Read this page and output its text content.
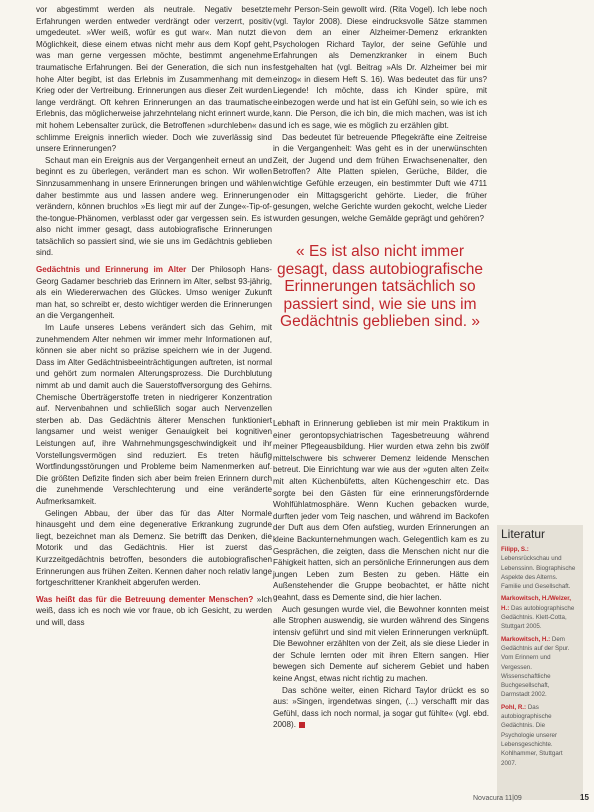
vor abgestimmt werden als neutrale. Negativ besetzte Erfahrungen werden entweder verdrängt oder verzerrt, positiv umgedeutet. »Wer weiß, wofür es gut war«. Man nutzt die Möglichkeit, diese einem etwas nicht mehr aus dem Kopf geht, was man gerne vergessen möchte, bestimmt angenehme traumatische Erfahrungen. Bei der Generation, die sich nun ins hohe Alter begibt, ist das Erlebnis im Zusammenhang mit dem Krieg oder der Vertreibung. Erinnerungen aus dieser Zeit wurden lange verdrängt. Oft kehren Erinnerungen an das traumatische Erlebnis, das möglicherweise jahrzehntelang nicht erinnert wurde, mit hohem Lebensalter zurück, die Betroffenen »durchleben« das schlimme Ereignis innerlich wieder. Doch wie zuverlässig sind unsere Erinnerungen?

Schaut man ein Ereignis aus der Vergangenheit erneut an und beginnt es zu überlegen, verändert man es schon. Wir wollen Sinnzusammenhang in unsere Erinnerungen bringen und wählen daher bestimmte aus und lassen andere weg. Erinnerungen verändern, können bruchlos »Es liegt mir auf der Zunge«-Tip-of-the-tongue-Phänomen, verblasst oder gar vergessen sein. Es ist also nicht immer gesagt, dass autobiografische Erinnerungen tatsächlich so passiert sind, wie sie uns im Gedächtnis geblieben sind.

Gedächtnis und Erinnerung im Alter Der Philosoph Hans-Georg Gadamer beschrieb das Erinnern im Alter, selbst 93-jährig, als ein Wiedererwachen des Glückes. Umso weniger Zukunft man hat, so schreibt er, desto wichtiger werden die Erinnerungen an die Vergangenheit.

Im Laufe unseres Lebens verändert sich das Gehirn, mit zunehmendem Alter nehmen wir immer mehr Informationen auf, können sie aber nicht so präzise speichern wie in der Jugend. Dass im Alter Gedächtnisbeeinträchtigungen auftreten, ist normal und gehört zum normalen Alterungsprozess. Die Durchblutung nimmt ab und damit auch die Sauerstoffversorgung des Gehirns. Chemische Überträgerstoffe treten in niedrigerer Konzentration auf. Nervenbahnen und schließlich sogar auch Nervenzellen sterben ab. Das Gedächtnis älterer Menschen funktioniert langsamer und weist weniger Genauigkeit bei kognitiven Leistungen auf, ihre Wahrnehmungsgeschwindigkeit und ihr Vorstellungsvermögen sind reduziert. Es treten häufig Wortfindungsstörungen und Probleme beim Namenmerken auf. Die größten Defizite finden sich aber beim freien Erinnern durch die zunehmende Verschlechterung und eine veränderte Aufmerksamkeit.

Gelingen Abbau, der über das für das Alter Normale hinausgeht und dem eine degenerative Erkrankung zugrunde liegt, bezeichnet man als Demenz. Sie betrifft das Denken, die Motorik und das Gedächtnis. Hier ist zuerst das Kurzzeitgedächtnis betroffen, besonders die autobiografischen Erinnerungen aus frühen Zeiten. Kennen daher noch relativ lange fortgeschrittener Krankheit abgerufen werden.

Was heißt das für die Betreuung dementer Menschen? »Ich weiß, dass ich es noch wie vor fraue, ob ich Gesicht, zu werden und will, dass

mehr Person-Sein gewollt wird. (Rita Vogel). Ich lebe noch (vgl. Taylor 2008). Diese eindrucksvolle Sätze stammen von dem an einer Alzheimer-Demenz erkrankten Psychologen Richard Taylor, der seine Gefühle und Erfahrungen als Demenzkranker in einem Buch festgehalten hat (vgl. Beitrag »Als Dr. Alzheimer bei mir einzog« in diesem Heft S. 16). Was bedeutet das für uns? Liegende! Ich möchte, dass ich Kinder spüre, mit einbezogen werde und hat ist ein Gefühl sein, so wie ich es kann. Die Person, die ich bin, die mich machen, was ist ich und ich es sage, wie es möglich zu erzählen gibt.

Das bedeutet für betreuende Pflegekräfte eine Zeitreise in die Vergangenheit: Was geht es in der unerwünschten Zeit, der Jugend und dem frühen Erwachsenenalter, den Betroffen? Alte Platten spielen, Gerüche, Bilder, die wichtige Gefühle erzeugen, ein bestimmter Duft wie 4711 oder ein Mittagsgericht gehörte. Lieder, die früher gesungen, welche Gerichte wurden gekocht, welche Lieder wurden gesungen, welche Gemälde geprägt und gehören?

« Es ist also nicht immer gesagt, dass autobiografische Erinnerungen tatsächlich so passiert sind, wie sie uns im Gedächtnis geblieben sind. »

Lebhaft in Erinnerung geblieben ist mir mein Praktikum in einer gerontopsychiatrischen Tagesbetreuung während meiner Pflegeausbildung. Hier wurden etwa zehn bis zwölf mittelschwere bis schwerer Demenz leidende Menschen betreut. Die Einrichtung war wie aus der »guten alten Zeit« mit alten Küchenbüfetts, alten Küchengeschirr etc. Das sorgte bei den Gästen für eine erinnerungsfördernde Wohlfühlatmosphäre. Wenn Kuchen gebacken wurde, durften jeder vom Teig naschen, und während im Backofen der Duft aus dem Ofen aufstieg, wurden Erinnerungen an kleine Backunternehmungen wach. Gelegentlich kam es zu Gesprächen, die zeigten, dass die Menschen nicht nur die Fähigkeit hatten, sich an persönliche Erinnerungen aus dem jungen Leben zum Besten zu geben. Hätte ein Außenstehender die Gruppe beobachtet, er hätte nicht geahnt, dass es Demente sind, die hier lachen.

Auch gesungen wurde viel, die Bewohner konnten meist alle Strophen auswendig, sie wurden während des Singens intensiv geführt und sind mit vielen Erinnerungen verknüpft. Die Bewohner erzählten von der Zeit, als sie diese Lieder in der Schule lernten oder mit ihren Eltern sangen. Hier bewegen sich Demente auf sicherem Gebiet und haben keine Angst, etwas nicht richtig zu machen.

Das schöne weiter, einen Richard Taylor drückt es so aus: »Singen, irgendetwas singen, (...) verschafft mir das Gefühl, dass ich noch normal, ja sogar gut fühlte« (vgl. ebd. 2008).

Literatur
Filipp, S.: Lebensrückschau und Lebenssinn. Biographische Aspekte des Alterns. Familie und Gesellschaft.
Markowitsch, H./Welzer, H.: Das autobiographische Gedächtnis. Klett-Cotta, Stuttgart 2005.
Markowitsch, H.: Dem Gedächtnis auf der Spur. Vom Erinnern und Vergessen. Wissenschaftliche Buchgesellschaft, Darmstadt 2002.
Pohl, R.: Das autobiographische Gedächtnis. Die Psychologie unserer Lebensgeschichte. Kohlhammer, Stuttgart 2007.
Novacura 11|09	15
